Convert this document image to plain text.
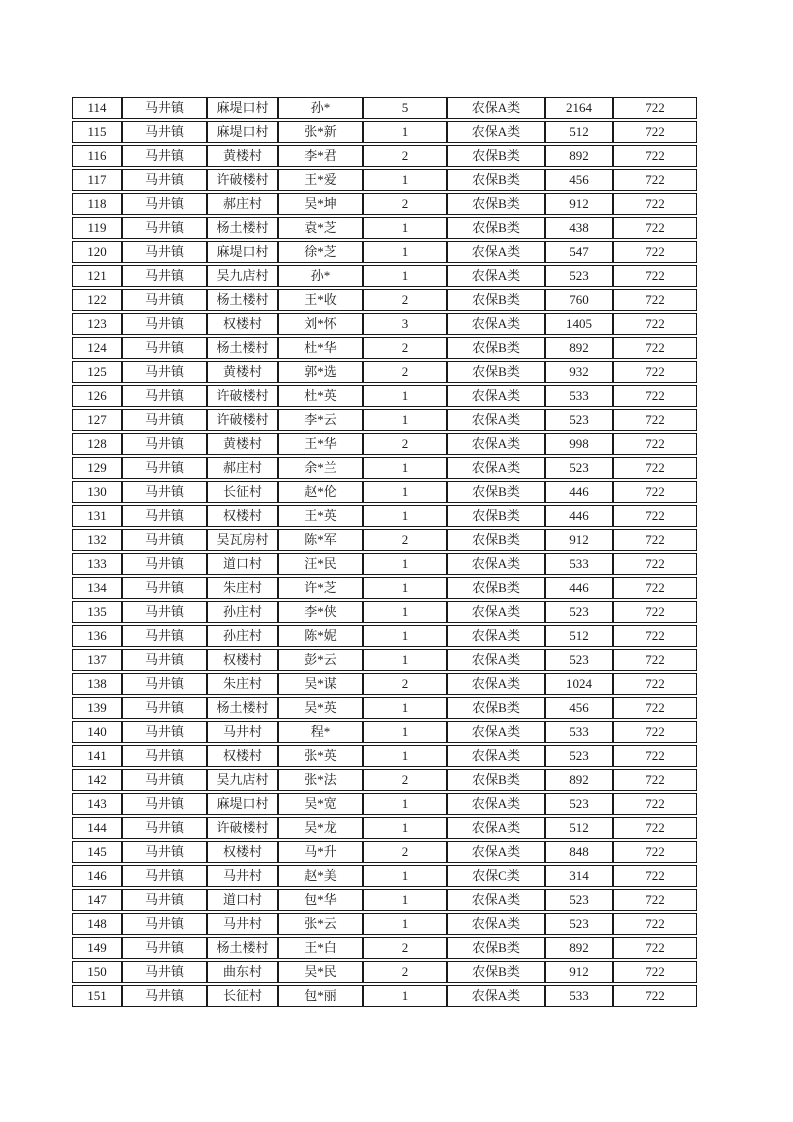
114	马井镇	麻堤口村	孙*	5	农保A类	2164	722
115	马井镇	麻堤口村	张*新	1	农保A类	512	722
116	马井镇	黄楼村	李*君	2	农保B类	892	722
117	马井镇	许破楼村	王*爱	1	农保B类	456	722
118	马井镇	郝庄村	吴*坤	2	农保B类	912	722
119	马井镇	杨土楼村	袁*芝	1	农保B类	438	722
120	马井镇	麻堤口村	徐*芝	1	农保A类	547	722
121	马井镇	吴九店村	孙*	1	农保A类	523	722
122	马井镇	杨土楼村	王*收	2	农保B类	760	722
123	马井镇	权楼村	刘*怀	3	农保A类	1405	722
124	马井镇	杨土楼村	杜*华	2	农保B类	892	722
125	马井镇	黄楼村	郭*选	2	农保B类	932	722
126	马井镇	许破楼村	杜*英	1	农保A类	533	722
127	马井镇	许破楼村	李*云	1	农保A类	523	722
128	马井镇	黄楼村	王*华	2	农保A类	998	722
129	马井镇	郝庄村	余*兰	1	农保A类	523	722
130	马井镇	长征村	赵*伦	1	农保B类	446	722
131	马井镇	权楼村	王*英	1	农保B类	446	722
132	马井镇	吴瓦房村	陈*军	2	农保B类	912	722
133	马井镇	道口村	汪*民	1	农保A类	533	722
134	马井镇	朱庄村	许*芝	1	农保B类	446	722
135	马井镇	孙庄村	李*侠	1	农保A类	523	722
136	马井镇	孙庄村	陈*妮	1	农保A类	512	722
137	马井镇	权楼村	彭*云	1	农保A类	523	722
138	马井镇	朱庄村	吴*谋	2	农保A类	1024	722
139	马井镇	杨土楼村	吴*英	1	农保B类	456	722
140	马井镇	马井村	程*	1	农保A类	533	722
141	马井镇	权楼村	张*英	1	农保A类	523	722
142	马井镇	吴九店村	张*法	2	农保B类	892	722
143	马井镇	麻堤口村	吴*宽	1	农保A类	523	722
144	马井镇	许破楼村	吴*龙	1	农保A类	512	722
145	马井镇	权楼村	马*升	2	农保A类	848	722
146	马井镇	马井村	赵*美	1	农保C类	314	722
147	马井镇	道口村	包*华	1	农保A类	523	722
148	马井镇	马井村	张*云	1	农保A类	523	722
149	马井镇	杨土楼村	王*白	2	农保B类	892	722
150	马井镇	曲东村	吴*民	2	农保B类	912	722
151	马井镇	长征村	包*丽	1	农保A类	533	722
